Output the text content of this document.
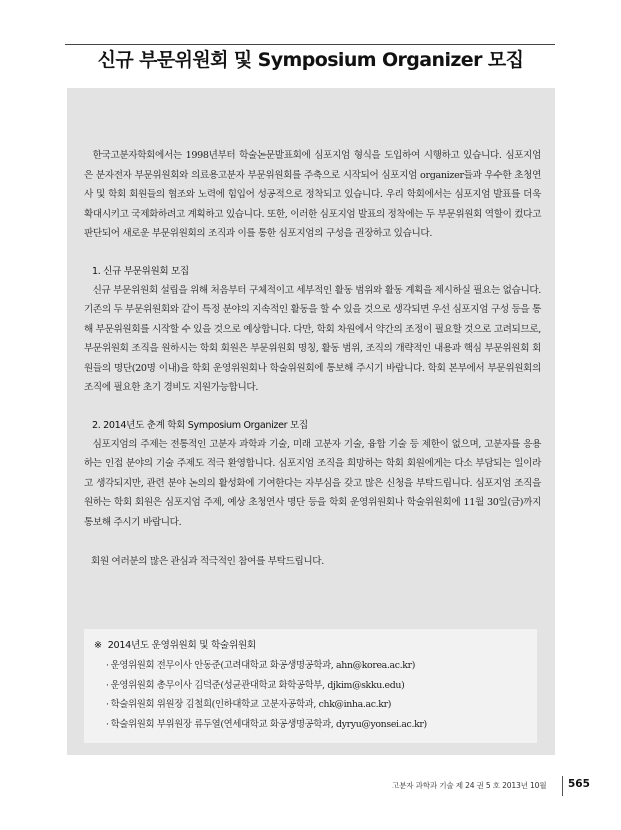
신규 부문위원회 및 Symposium Organizer 모집

한국고분자학회에서는 1998년부터 학술논문발표회에 심포지엄 형식을 도입하여 시행하고 있습니다. 심포지엄은 분자전자 부문위원회와 의료용고분자 부문위원회를 주축으로 시작되어 심포지엄 organizer들과 우수한 초청연사 및 학회 회원들의 협조와 노력에 힘입어 성공적으로 정착되고 있습니다. 우리 학회에서는 심포지엄 발표를 더욱 확대시키고 국제화하려고 계획하고 있습니다. 또한, 이러한 심포지엄 발표의 정착에는 두 부문위원회 역할이 컸다고 판단되어 새로운 부문위원회의 조직과 이를 통한 심포지엄의 구성을 권장하고 있습니다.

1. 신규 부문위원회 모집

신규 부문위원회 설립을 위해 처음부터 구체적이고 세부적인 활동 범위와 활동 계획을 제시하실 필요는 없습니다. 기존의 두 부문위원회와 같이 특정 분야의 지속적인 활동을 할 수 있을 것으로 생각되면 우선 심포지엄 구성 등을 통해 부문위원회를 시작할 수 있을 것으로 예상합니다. 다만, 학회 차원에서 약간의 조정이 필요할 것으로 고려되므로, 부문위원회 조직을 원하시는 학회 회원은 부문위원회 명칭, 활동 범위, 조직의 개략적인 내용과 핵심 부문위원회 회원들의 명단(20명 이내)을 학회 운영위원회나 학술위원회에 통보해 주시기 바랍니다. 학회 본부에서 부문위원회의 조직에 필요한 초기 경비도 지원가능합니다.

2. 2014년도 춘계 학회 Symposium Organizer 모집

심포지엄의 주제는 전통적인 고분자 과학과 기술, 미래 고분자 기술, 융합 기술 등 제한이 없으며, 고분자를 응용하는 인접 분야의 기술 주제도 적극 환영합니다. 심포지엄 조직을 희망하는 학회 회원에게는 다소 부담되는 일이라고 생각되지만, 관련 분야 논의의 활성화에 기여한다는 자부심을 갖고 많은 신청을 부탁드립니다. 심포지엄 조직을 원하는 학회 회원은 심포지엄 주제, 예상 초청연사 명단 등을 학회 운영위원회나 학술위원회에 11월 30일(금)까지 통보해 주시기 바랍니다.

회원 여러분의 많은 관심과 적극적인 참여를 부탁드립니다.

※ 2014년도 운영위원회 및 학술위원회
· 운영위원회 전무이사 안동준(고려대학교 화공생명공학과, ahn@korea.ac.kr)
· 운영위원회 총무이사 김덕준(성균관대학교 화학공학부, djkim@skku.edu)
· 학술위원회 위원장 김철희(인하대학교 고분자공학과, chk@inha.ac.kr)
· 학술위원회 부위원장 류두열(연세대학교 화공생명공학과, dyryu@yonsei.ac.kr)
고분자 과학과 기술 제 24 권 5 호 2013년 10월 565
